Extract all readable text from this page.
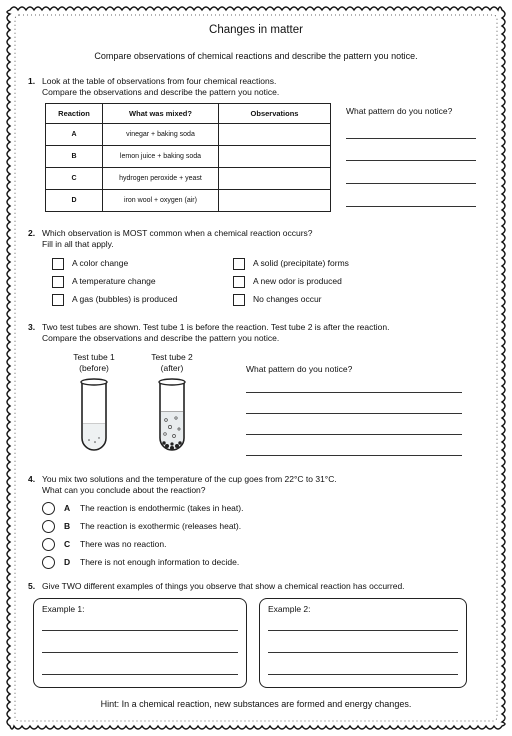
Changes in matter
Compare observations of chemical reactions and describe the pattern you notice.
1. Look at the table of observations from four chemical reactions.
Compare the observations and describe the pattern you notice.
Reaction	What was mixed?	Observations
A	vinegar + baking soda	
B	lemon juice + baking soda	
C	hydrogen peroxide + yeast	
D	iron wool + oxygen (air)	
What pattern do you notice?
2. Which observation is MOST common when a chemical reaction occurs?
Fill in all that apply.
A color change	A solid (precipitate) forms
A temperature change	A new odor is produced
A gas (bubbles) is produced	No changes occur
3. Two test tubes are shown. Test tube 1 is before the reaction. Test tube 2 is after the reaction.
Compare the observations and describe the pattern you notice.
Test tube 1
(before)
Test tube 2
(after)	What pattern do you notice?
4. You mix two solutions and the temperature of the cup goes from 22°C to 31°C.
What can you conclude about the reaction?
A The reaction is endothermic (takes in heat).
B The reaction is exothermic (releases heat).
C There was no reaction.
D There is not enough information to decide.
5. Give TWO different examples of things you observe that show a chemical reaction has occurred.
Example 1:	Example 2:
Hint: In a chemical reaction, new substances are formed and energy changes.
